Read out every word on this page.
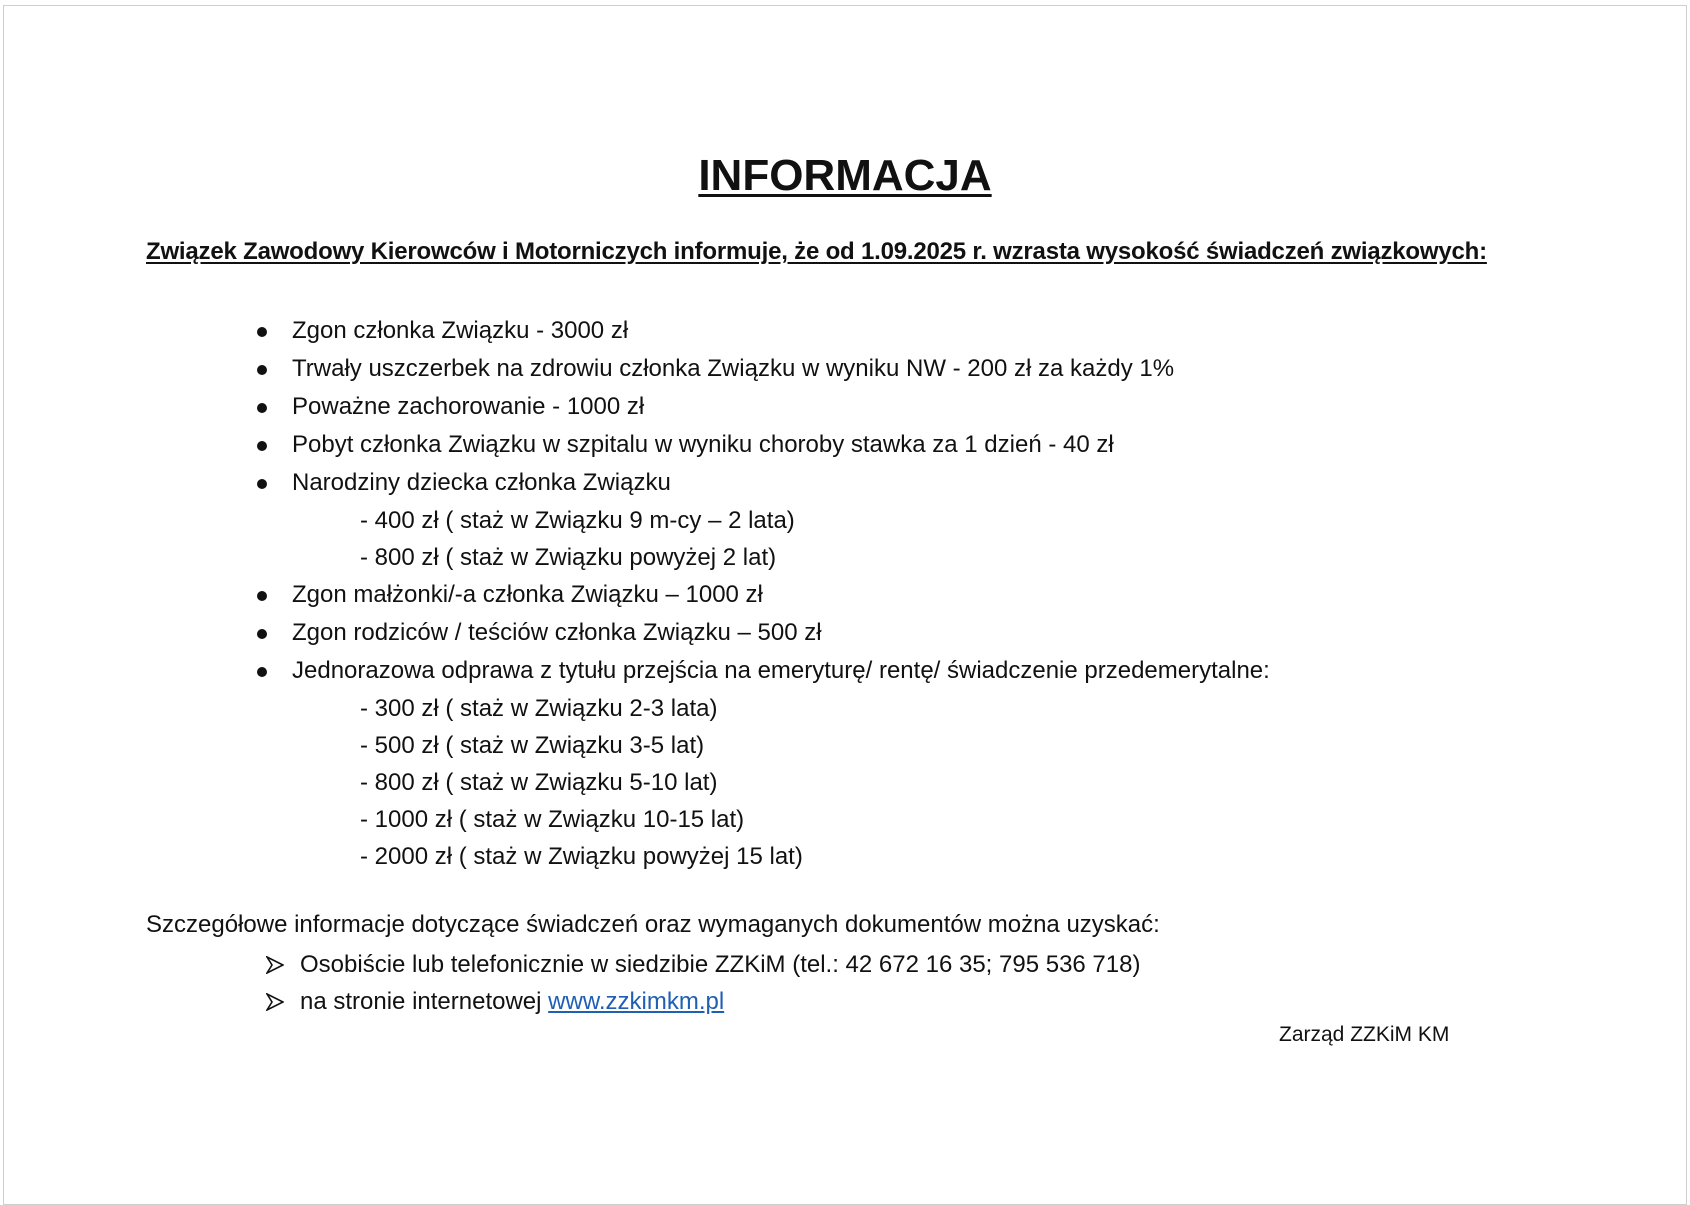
INFORMACJA
Związek Zawodowy Kierowców i Motorniczych informuje, że od 1.09.2025 r. wzrasta wysokość świadczeń związkowych:
Zgon członka Związku - 3000 zł
Trwały uszczerbek na zdrowiu członka Związku w wyniku NW - 200 zł za każdy 1%
Poważne zachorowanie - 1000 zł
Pobyt członka Związku w szpitalu w wyniku choroby stawka za 1 dzień - 40 zł
Narodziny dziecka członka Związku
- 400 zł ( staż w Związku 9 m-cy – 2 lata)
- 800 zł ( staż w Związku powyżej 2 lat)
Zgon małżonki/-a członka Związku – 1000 zł
Zgon rodziców / teściów członka Związku – 500 zł
Jednorazowa odprawa z tytułu przejścia na emeryturę/ rentę/ świadczenie przedemerytalne:
- 300 zł ( staż w Związku 2-3 lata)
- 500 zł ( staż w Związku 3-5 lat)
- 800 zł ( staż w Związku 5-10 lat)
- 1000 zł ( staż w Związku 10-15 lat)
- 2000 zł ( staż w Związku powyżej 15 lat)
Szczegółowe informacje dotyczące świadczeń oraz wymaganych dokumentów można uzyskać:
Osobiście lub telefonicznie w siedzibie ZZKiM (tel.: 42 672 16 35; 795 536 718)
na stronie internetowej www.zzkimkm.pl
Zarząd ZZKiM KM
